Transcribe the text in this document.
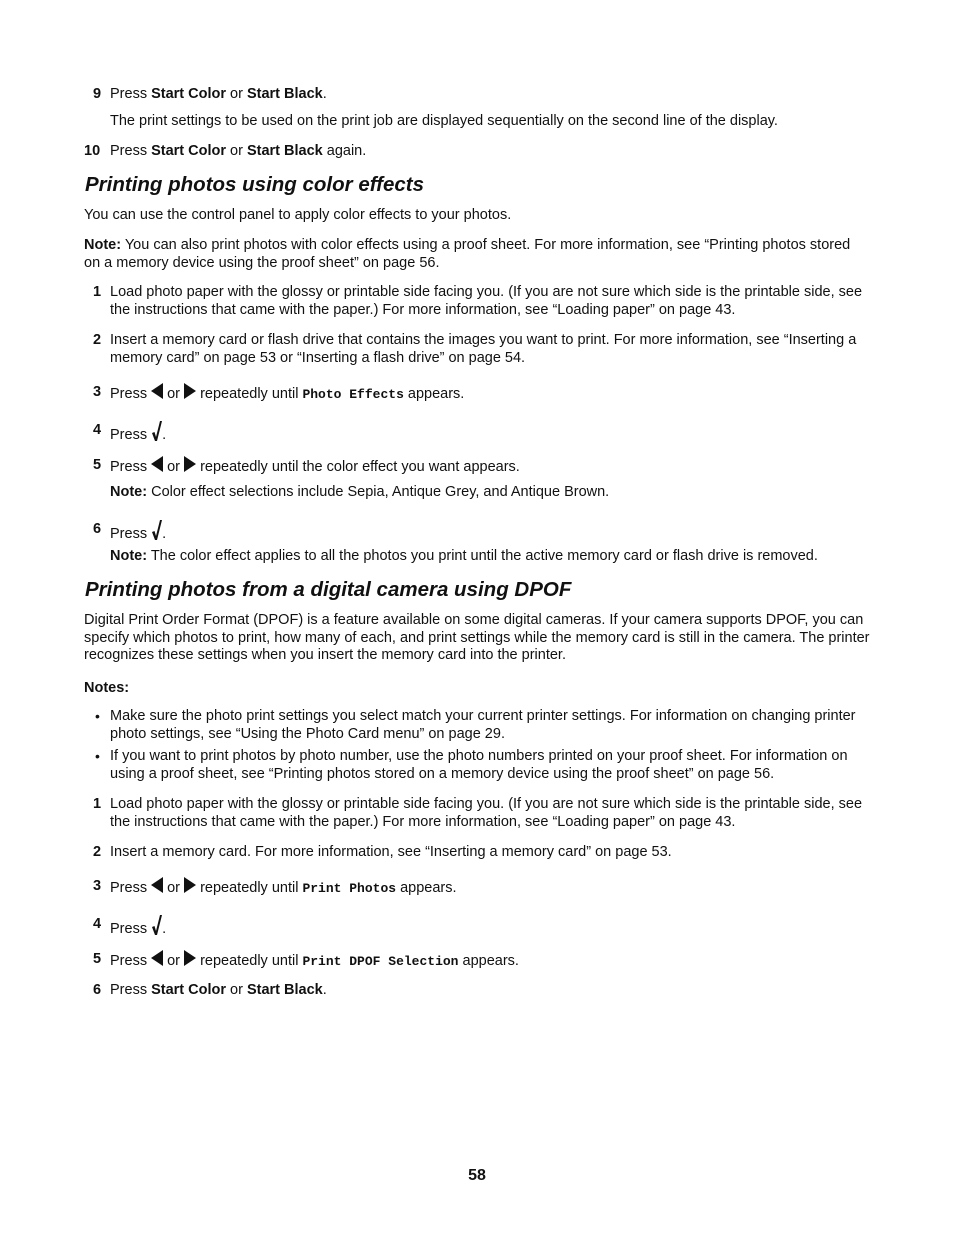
9 Press Start Color or Start Black.
The print settings to be used on the print job are displayed sequentially on the second line of the display.
10 Press Start Color or Start Black again.
Printing photos using color effects
You can use the control panel to apply color effects to your photos.
Note: You can also print photos with color effects using a proof sheet. For more information, see “Printing photos stored
on a memory device using the proof sheet” on page 56.
1 Load photo paper with the glossy or printable side facing you. (If you are not sure which side is the printable side, see
the instructions that came with the paper.) For more information, see “Loading paper” on page 43.
2 Insert a memory card or flash drive that contains the images you want to print. For more information, see “Inserting a
memory card” on page 53 or “Inserting a flash drive” on page 54.
3 Press  or  repeatedly until Photo Effects appears.
4 Press .
5 Press  or  repeatedly until the color effect you want appears.
Note: Color effect selections include Sepia, Antique Grey, and Antique Brown.
6 Press .
Note: The color effect applies to all the photos you print until the active memory card or flash drive is removed.
Printing photos from a digital camera using DPOF
Digital Print Order Format (DPOF) is a feature available on some digital cameras. If your camera supports DPOF, you can
specify which photos to print, how many of each, and print settings while the memory card is still in the camera. The printer
recognizes these settings when you insert the memory card into the printer.
Notes:
• Make sure the photo print settings you select match your current printer settings. For information on changing printer
photo settings, see “Using the Photo Card menu” on page 29.
• If you want to print photos by photo number, use the photo numbers printed on your proof sheet. For information on
using a proof sheet, see “Printing photos stored on a memory device using the proof sheet” on page 56.
1 Load photo paper with the glossy or printable side facing you. (If you are not sure which side is the printable side, see
the instructions that came with the paper.) For more information, see “Loading paper” on page 43.
2 Insert a memory card. For more information, see “Inserting a memory card” on page 53.
3 Press  or  repeatedly until Print Photos appears.
4 Press .
5 Press  or  repeatedly until Print DPOF Selection appears.
6 Press Start Color or Start Black.
58
